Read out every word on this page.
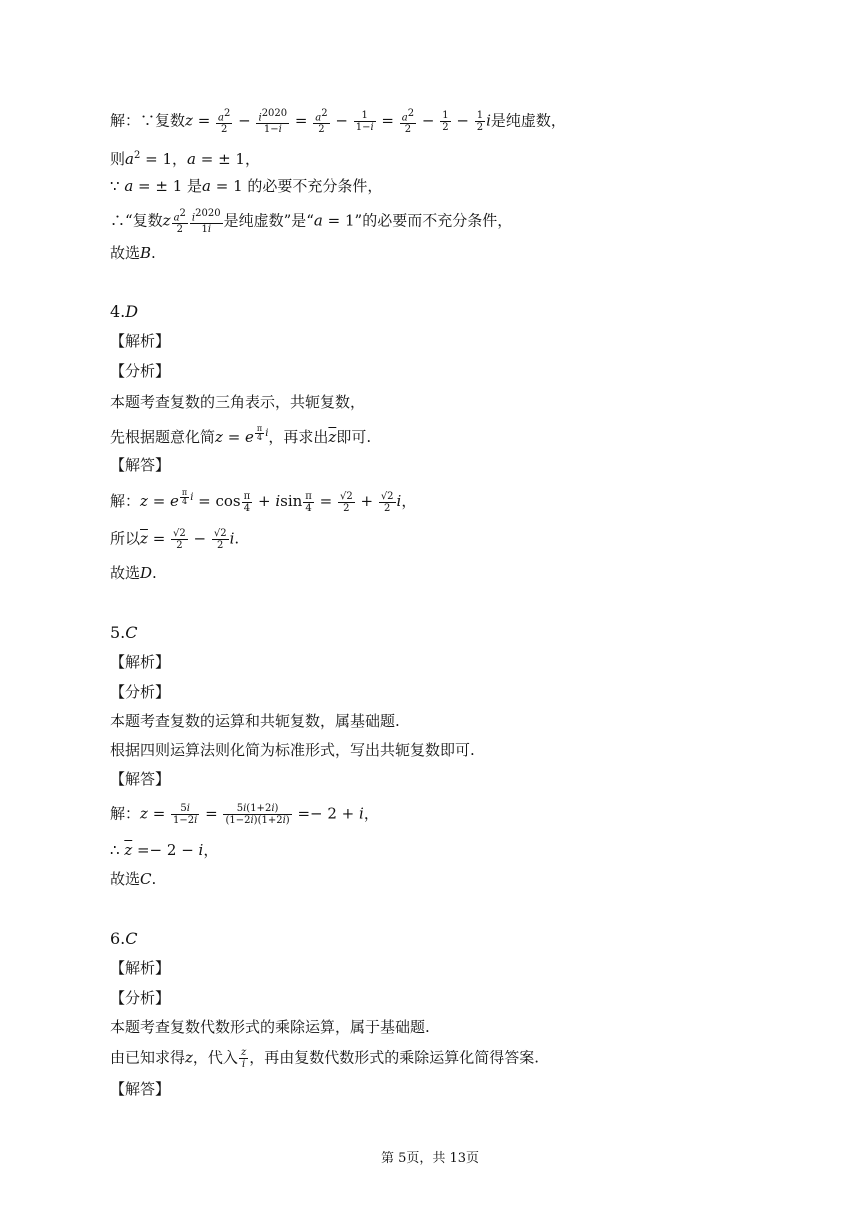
解：∵复数$z = \frac{a^2}{2} - \frac{i^{2020}}{1-i} = \frac{a^2}{2} - \frac{1}{1-i} = \frac{a^2}{2} - \frac{1}{2} - \frac{1}{2}$ i是纯虚数，
则$a^2 = 1$，a = ± 1，
∵ a = ± 1 是a = 1 的必要不充分条件，
∴“复数z $\frac{a^2}{2} \frac{i^{2020}}{1i}$ 是纯虚数”是“a = 1”的必要而不充分条件，
故选B.
4.D
【解析】
【分析】
本题考查复数的三角表示，共轭复数，
先根据题意化简z = e $^{\frac{\pi}{4} i}$，再求出$\overline{z}$即可.
【解答】
解：z = e $^{\frac{\pi}{4} i} = \cos \frac{\pi}{4} + isin \frac{\pi}{4} = \frac{√2}{2} + \frac{√2}{2}$ i，
所以$\overline{z} = \frac{√2}{2} - \frac{√2}{2} i$.
故选D.
5.C
【解析】
【分析】
本题考查复数的运算和共轭复数，属基础题.
根据四则运算法则化简为标准形式，写出共轭复数即可.
【解答】
解：$z = \frac{5i}{1-2i} = \frac{5i(1+2i)}{(1-2i)(1+2i)} =- 2 + i$，
∴ $\overline{z} =- 2 - i$，
故选C.
6.C
【解析】
【分析】
本题考查复数代数形式的乘除运算，属于基础题.
由已知求得z，代入 $\frac{z}{i}$ ，再由复数代数形式的乘除运算化简得答案.
【解答】
第 5页，共 13页
